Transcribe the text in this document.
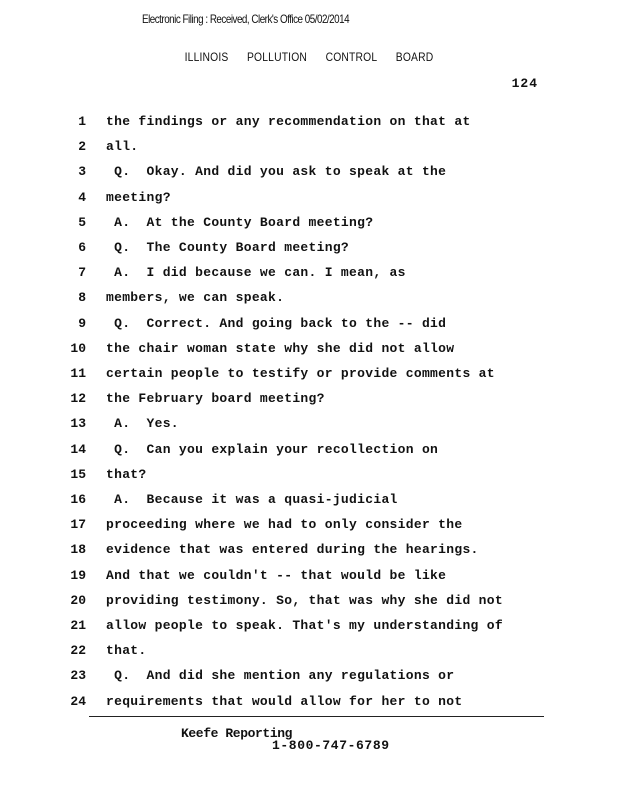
Electronic Filing : Received, Clerk's Office 05/02/2014
ILLINOIS POLLUTION CONTROL BOARD
124
1 the findings or any recommendation on that at
2 all.
3 Q.  Okay. And did you ask to speak at the
4 meeting?
5 A.  At the County Board meeting?
6 Q.  The County Board meeting?
7 A.  I did because we can. I mean, as
8 members, we can speak.
9 Q.  Correct. And going back to the -- did
10 the chair woman state why she did not allow
11 certain people to testify or provide comments at
12 the February board meeting?
13 A.  Yes.
14 Q.  Can you explain your recollection on
15 that?
16 A.  Because it was a quasi-judicial
17 proceeding where we had to only consider the
18 evidence that was entered during the hearings.
19 And that we couldn't -- that would be like
20 providing testimony. So, that was why she did not
21 allow people to speak. That's my understanding of
22 that.
23 Q.  And did she mention any regulations or
24 requirements that would allow for her to not
Keefe Reporting
1-800-747-6789
